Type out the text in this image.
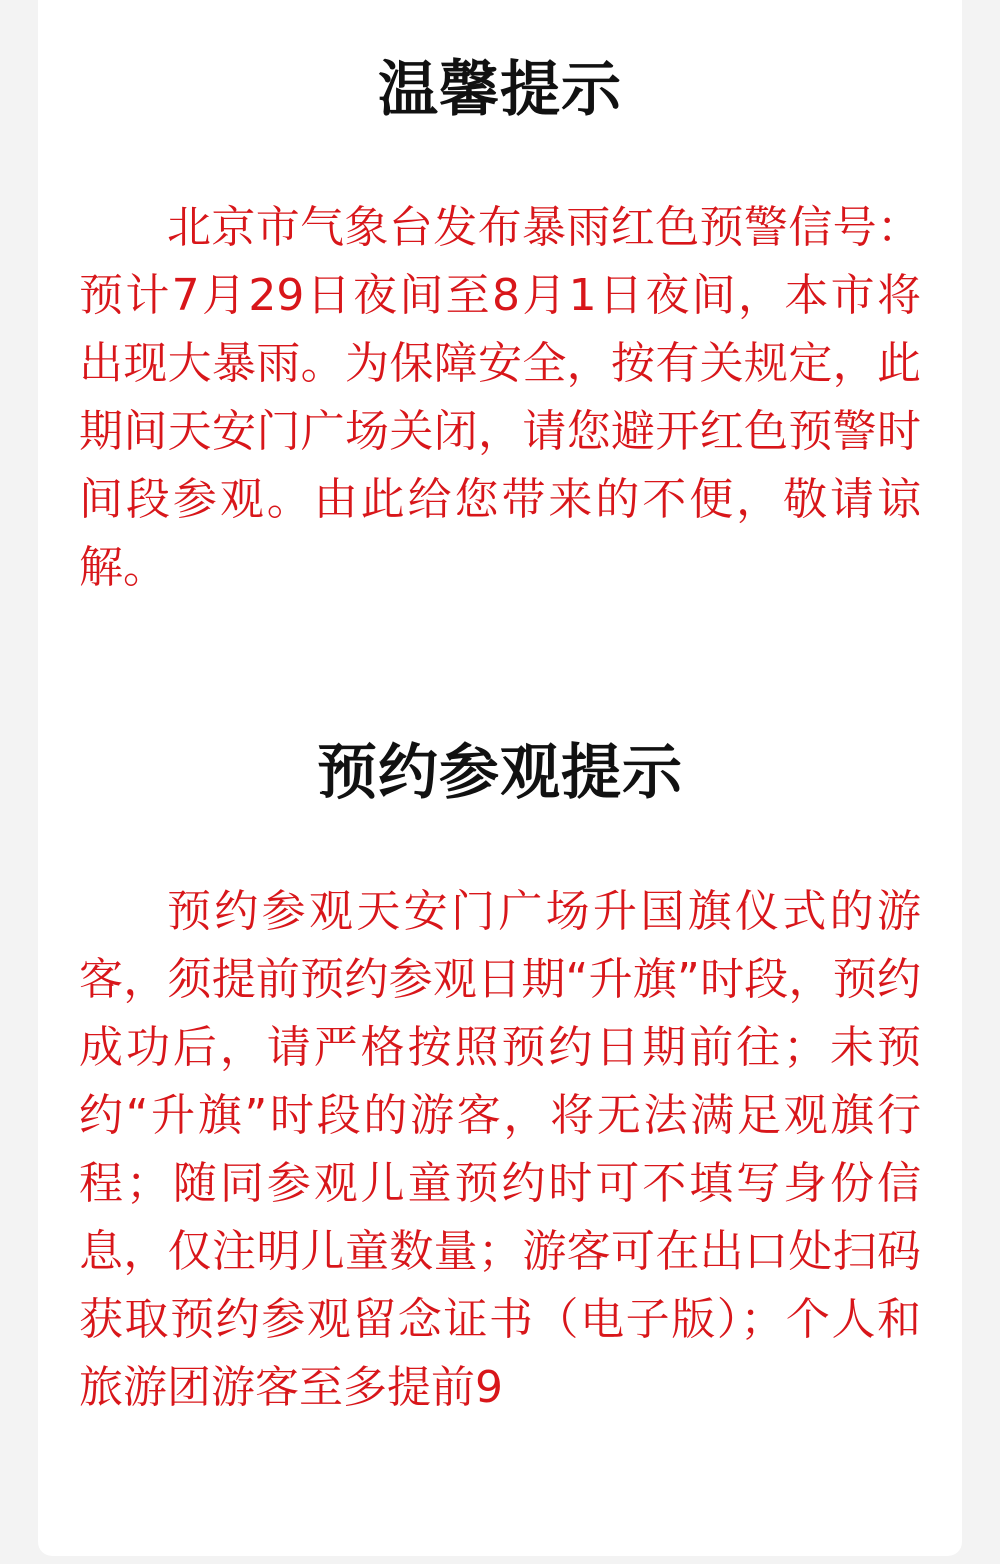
温馨提示

北京市气象台发布暴雨红色预警信号：预计7月29日夜间至8月1日夜间，本市将出现大暴雨。为保障安全，按有关规定，此期间天安门广场关闭，请您避开红色预警时间段参观。由此给您带来的不便，敬请谅解。

预约参观提示

预约参观天安门广场升国旗仪式的游客，须提前预约参观日期“升旗”时段，预约成功后，请严格按照预约日期前往；未预约“升旗”时段的游客，将无法满足观旗行程；随同参观儿童预约时可不填写身份信息，仅注明儿童数量；游客可在出口处扫码获取预约参观留念证书（电子版）；个人和旅游团游客至多提前9
